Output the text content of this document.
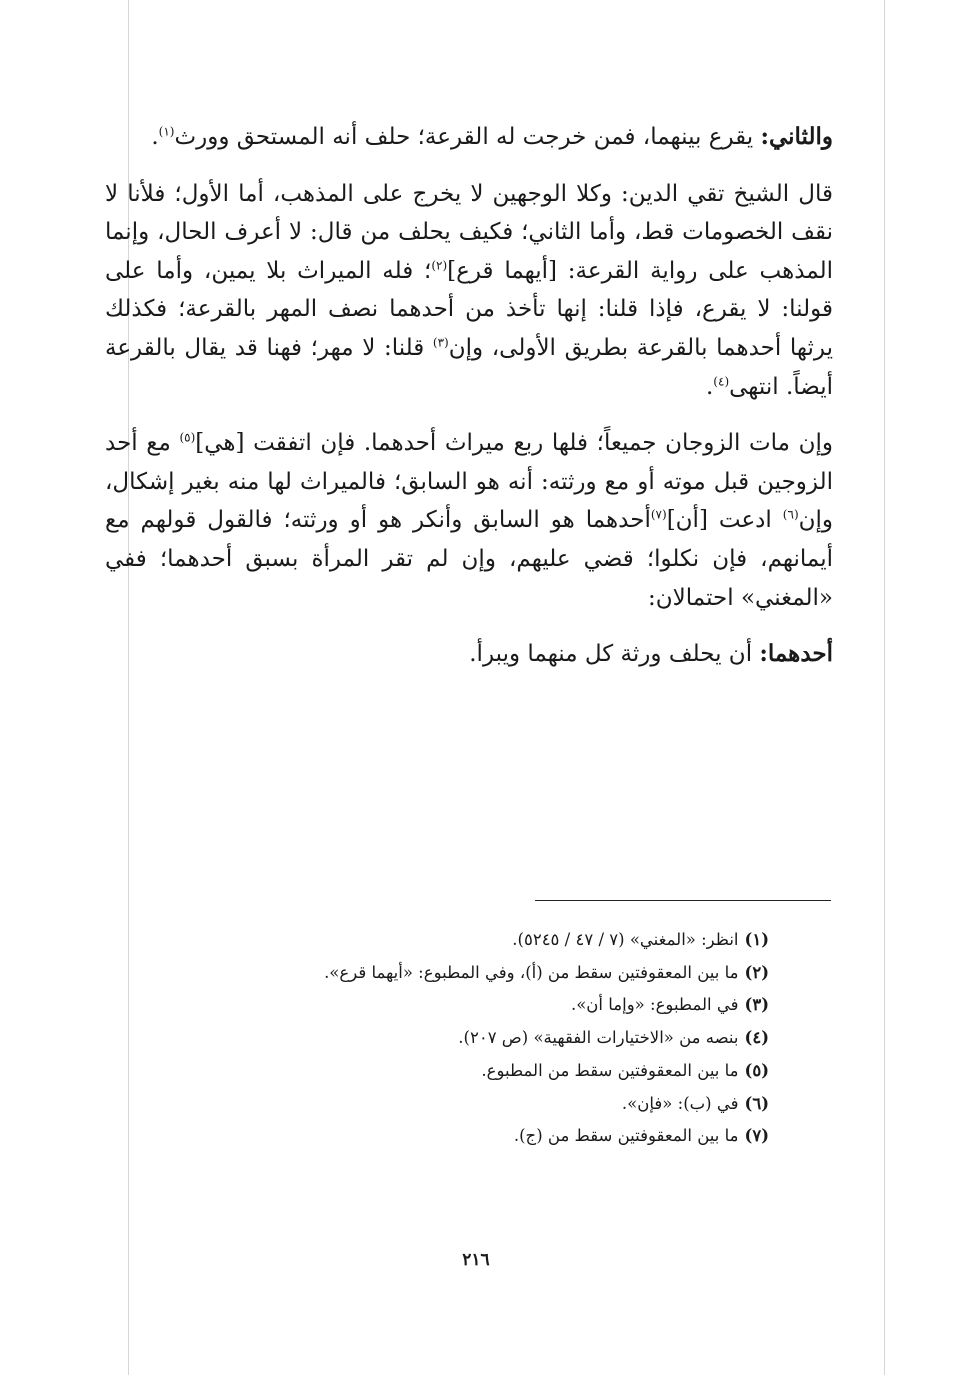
والثاني: يقرع بينهما، فمن خرجت له القرعة؛ حلف أنه المستحق وورث$^{(١)}$.

قال الشيخ تقي الدين: وكلا الوجهين لا يخرج على المذهب، أما الأول؛ فلأنا لا نقف الخصومات قط، وأما الثاني؛ فكيف يحلف من قال: لا أعرف الحال، وإنما المذهب على رواية القرعة: [أيهما قرع]$^{(٢)}$؛ فله الميراث بلا يمين، وأما على قولنا: لا يقرع، فإذا قلنا: إنها تأخذ من أحدهما نصف المهر بالقرعة؛ فكذلك يرثها أحدهما بالقرعة بطريق الأولى، وإن$^{(٣)}$ قلنا: لا مهر؛ فهنا قد يقال بالقرعة أيضاً. انتهى$^{(٤)}$.

وإن مات الزوجان جميعاً؛ فلها ربع ميراث أحدهما. فإن اتفقت [هي]$^{(٥)}$ مع أحد الزوجين قبل موته أو مع ورثته: أنه هو السابق؛ فالميراث لها منه بغير إشكال، وإن$^{(٦)}$ ادعت [أن]$^{(٧)}$أحدهما هو السابق وأنكر هو أو ورثته؛ فالقول قولهم مع أيمانهم، فإن نكلوا؛ قضي عليهم، وإن لم تقر المرأة بسبق أحدهما؛ ففي «المغني» احتمالان:

أحدهما: أن يحلف ورثة كل منهما ويبرأ.

(١)انظر: «المغني» (٧ / ٤٧ / ٥٢٤٥).
(٢)ما بين المعقوفتين سقط من (أ)، وفي المطبوع: «أيهما قرع».
(٣)في المطبوع: «وإما أن».
(٤)بنصه من «الاختيارات الفقهية» (ص ٢٠٧).
(٥)ما بين المعقوفتين سقط من المطبوع.
(٦)في (ب): «فإن».
(٧)ما بين المعقوفتين سقط من (ج).
٢١٦
